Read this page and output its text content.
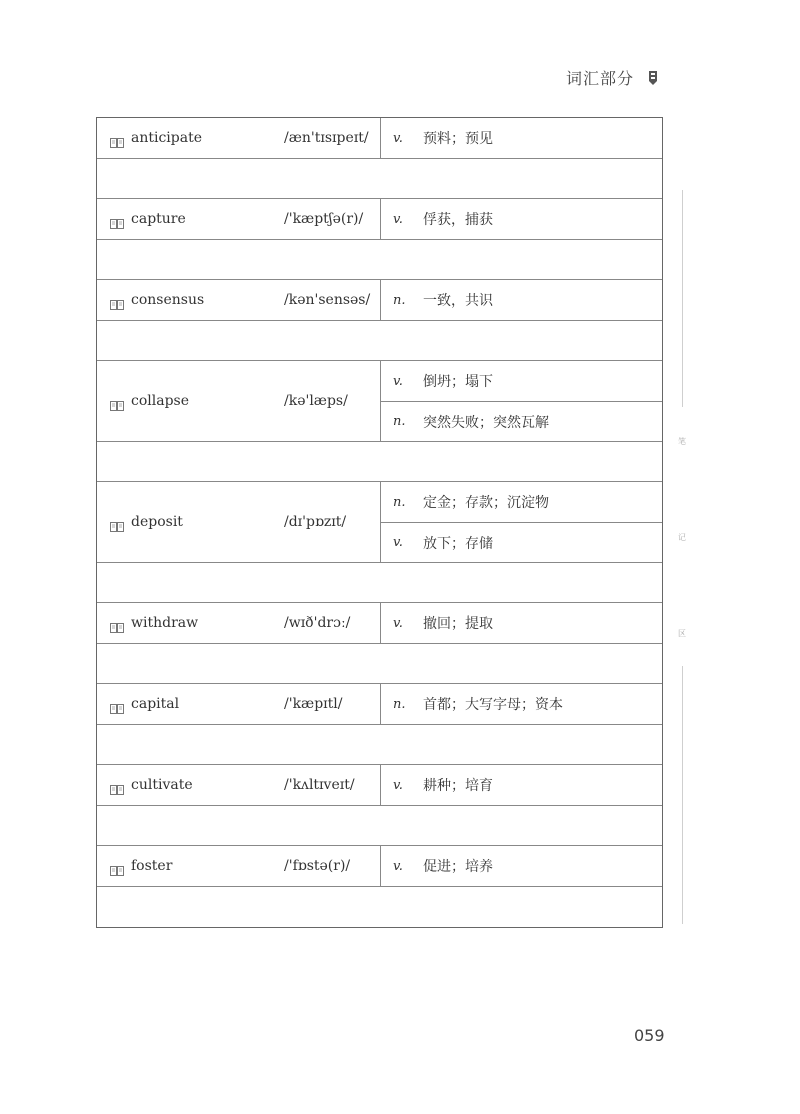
词汇部分
anticipate	/æn'tɪsɪpeɪt/	v.	预料；预见
capture	/'kæptʃə(r)/	v.	俘获，捕获
consensus	/kən'sensəs/	n.	一致，共识
collapse	/kə'læps/
v.	倒坍；塌下
n.	突然失败；突然瓦解
deposit	/dɪ'pɒzɪt/
n.	定金；存款；沉淀物
v.	放下；存储
withdraw	/wɪð'drɔː/	v.	撤回；提取
capital	/'kæpɪtl/	n.	首都；大写字母；资本
cultivate	/'kʌltɪveɪt/	v.	耕种；培育
foster	/'fɒstə(r)/	v.	促进；培养
笔
记
区
059
